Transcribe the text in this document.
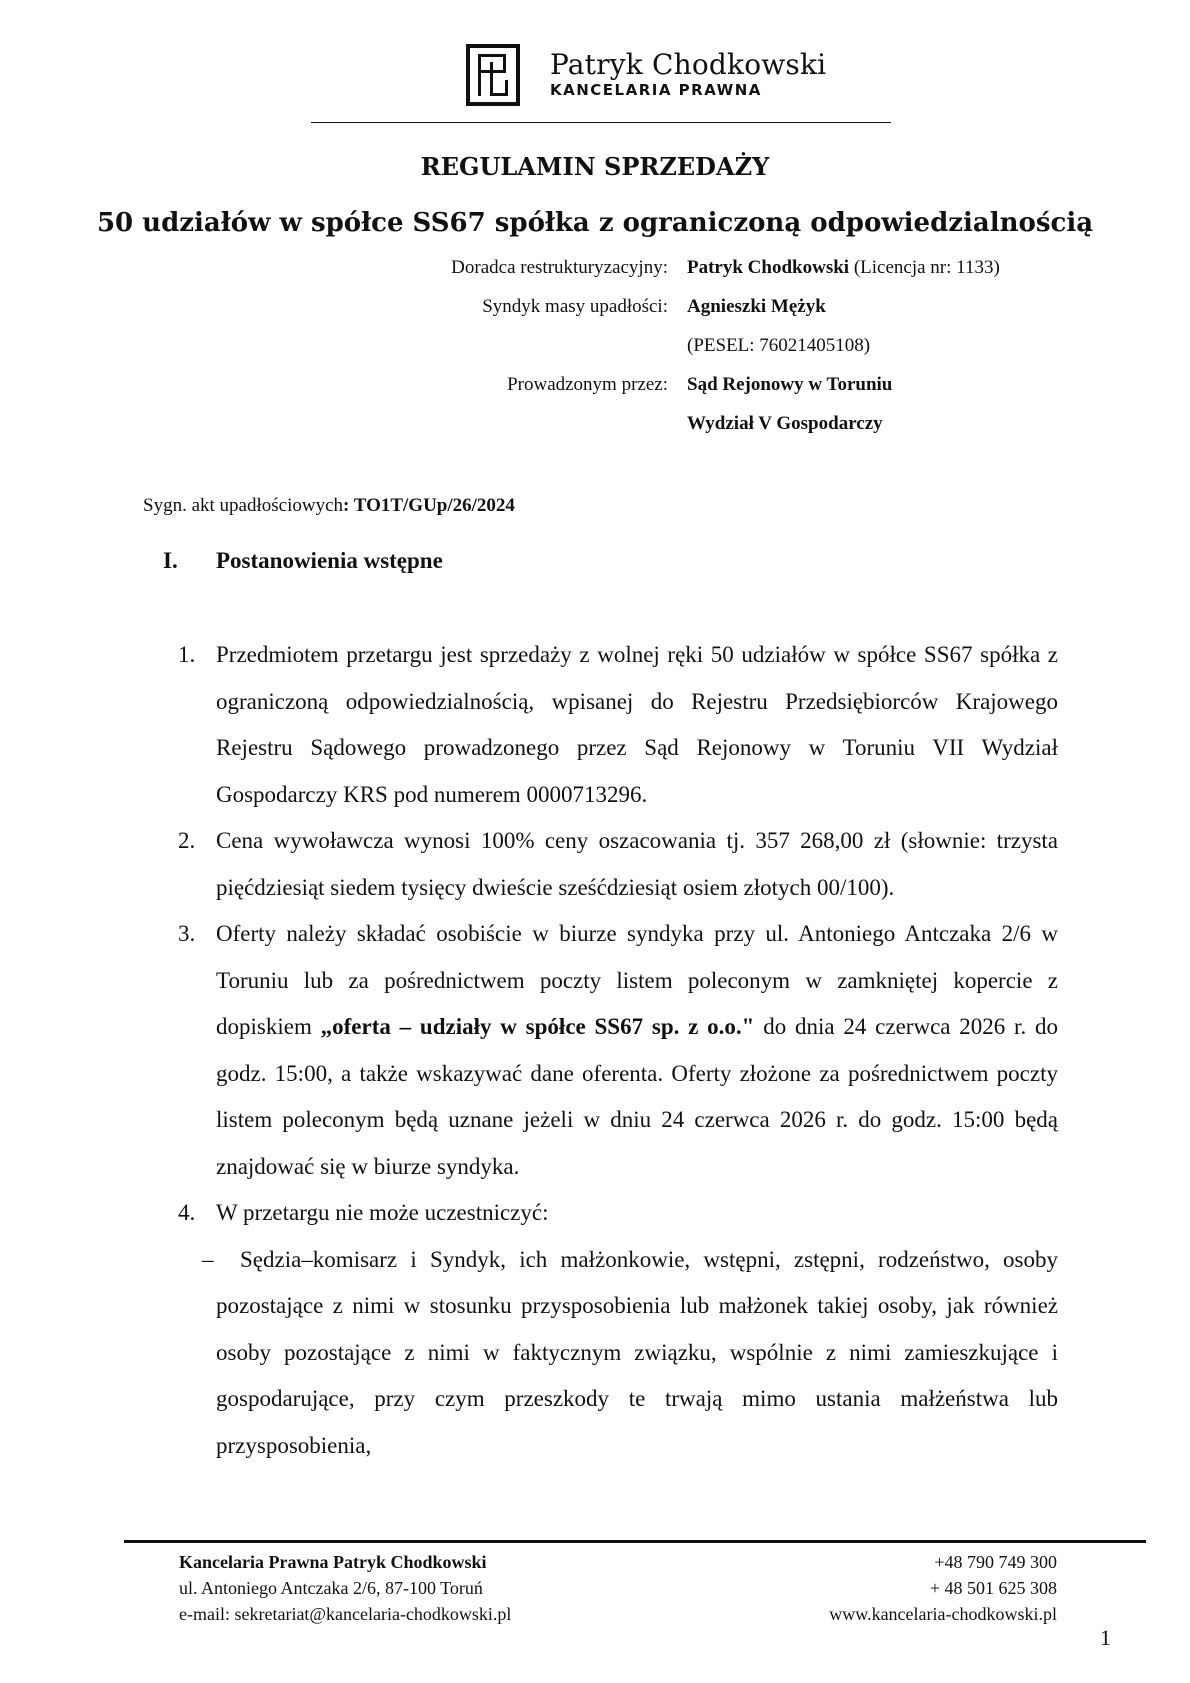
Patryk Chodkowski
KANCELARIA PRAWNA
REGULAMIN SPRZEDAŻY
50 udziałów w spółce SS67 spółka z ograniczoną odpowiedzialnością
Doradca restrukturyzacyjny: Patryk Chodkowski (Licencja nr: 1133)
Syndyk masy upadłości: Agnieszki Mężyk
(PESEL: 76021405108)
Prowadzonym przez: Sąd Rejonowy w Toruniu
Wydział V Gospodarczy
Sygn. akt upadłościowych: TO1T/GUp/26/2024
I. Postanowienia wstępne
1. Przedmiotem przetargu jest sprzedaży z wolnej ręki 50 udziałów w spółce SS67 spółka z ograniczoną odpowiedzialnością, wpisanej do Rejestru Przedsiębiorców Krajowego Rejestru Sądowego prowadzonego przez Sąd Rejonowy w Toruniu VII Wydział Gospodarczy KRS pod numerem 0000713296.
2. Cena wywoławcza wynosi 100% ceny oszacowania tj. 357 268,00 zł (słownie: trzysta pięćdziesiąt siedem tysięcy dwieście sześćdziesiąt osiem złotych 00/100).
3. Oferty należy składać osobiście w biurze syndyka przy ul. Antoniego Antczaka 2/6 w Toruniu lub za pośrednictwem poczty listem poleconym w zamkniętej kopercie z dopiskiem „oferta – udziały w spółce SS67 sp. z o.o." do dnia 24 czerwca 2026 r. do godz. 15:00, a także wskazywać dane oferenta. Oferty złożone za pośrednictwem poczty listem poleconym będą uznane jeżeli w dniu 24 czerwca 2026 r. do godz. 15:00 będą znajdować się w biurze syndyka.
4. W przetargu nie może uczestniczyć:
–	Sędzia–komisarz i Syndyk, ich małżonkowie, wstępni, zstępni, rodzeństwo, osoby pozostające z nimi w stosunku przysposobienia lub małżonek takiej osoby, jak również osoby pozostające z nimi w faktycznym związku, wspólnie z nimi zamieszkujące i gospodarujące, przy czym przeszkody te trwają mimo ustania małżeństwa lub przysposobienia,
Kancelaria Prawna Patryk Chodkowski
ul. Antoniego Antczaka 2/6, 87-100 Toruń
e-mail: sekretariat@kancelaria-chodkowski.pl
+48 790 749 300
+ 48 501 625 308
www.kancelaria-chodkowski.pl
1
